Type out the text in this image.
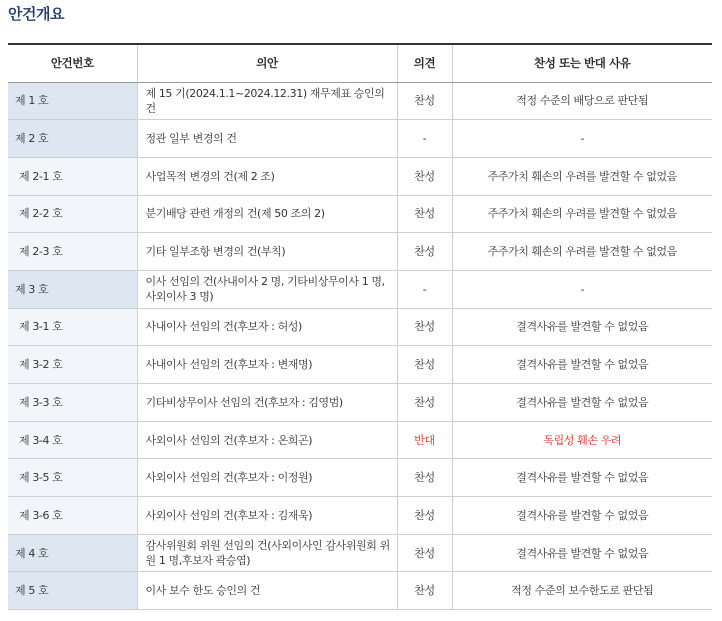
안건개요
안건번호	의안	의견	찬성 또는 반대 사유
제 1 호	제 15 기(2024.1.1~2024.12.31) 재무제표 승인의 건	찬성	적정 수준의 배당으로 판단됨
제 2 호	정관 일부 변경의 건	-	-
제 2-1 호	사업목적 변경의 건(제 2 조)	찬성	주주가치 훼손의 우려를 발견할 수 없었음
제 2-2 호	분기배당 관련 개정의 건(제 50 조의 2)	찬성	주주가치 훼손의 우려를 발견할 수 없었음
제 2-3 호	기타 일부조항 변경의 건(부칙)	찬성	주주가치 훼손의 우려를 발견할 수 없었음
제 3 호	이사 선임의 건(사내이사 2 명, 기타비상무이사 1 명, 사외이사 3 명)	-	-
제 3-1 호	사내이사 선임의 건(후보자 : 허성)	찬성	결격사유를 발견할 수 없었음
제 3-2 호	사내이사 선임의 건(후보자 : 변재명)	찬성	결격사유를 발견할 수 없었음
제 3-3 호	기타비상무이사 선임의 건(후보자 : 김영범)	찬성	결격사유를 발견할 수 없었음
제 3-4 호	사외이사 선임의 건(후보자 : 온희곤)	반대	독립성 훼손 우려
제 3-5 호	사외이사 선임의 건(후보자 : 이정원)	찬성	결격사유를 발견할 수 없었음
제 3-6 호	사외이사 선임의 건(후보자 : 김재욱)	찬성	결격사유를 발견할 수 없었음
제 4 호	감사위원회 위원 선임의 건(사외이사인 감사위원회 위원 1 명,후보자 곽승엽)	찬성	결격사유를 발견할 수 없었음
제 5 호	이사 보수 한도 승인의 건	찬성	적정 수준의 보수한도로 판단됨
